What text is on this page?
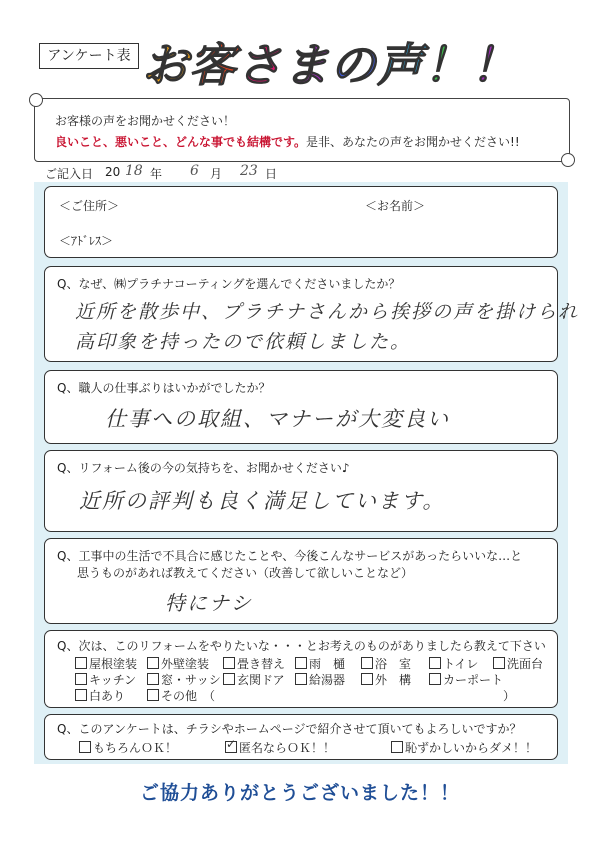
アンケート表 お客さまの声！！
お客様の声をお聞かせください！
良いこと、悪いこと、どんな事でも結構です。是非、あなたの声をお聞かせください!!
ご記入日 20 18 年 6 月 23 日
＜ご住所＞	＜お名前＞
＜ｱﾄﾞﾚｽ＞
Q、なぜ、㈱プラチナコーティングを選んでくださいましたか？
近所を散歩中、プラチナさんから挨拶の声を掛けられ
高印象を持ったので依頼しました。
Q、職人の仕事ぶりはいかがでしたか？
仕事への取組、マナーが大変良い
Q、リフォーム後の今の気持ちを、お聞かせください♪
近所の評判も良く満足しています。
Q、工事中の生活で不具合に感じたことや、今後こんなサービスがあったらいいな…と
思うものがあれば教えてください（改善して欲しいことなど）
特にナシ
Q、次は、このリフォームをやりたいな・・・とお考えのものがありましたら教えて下さい
屋根塗装	外壁塗装	畳き替え	雨　樋	浴　室	トイレ	洗面台
キッチン	窓・サッシ	玄関ドア	給湯器	外　構	カーポート
白あり	その他　（	）
Q、このアンケートは、チラシやホームページで紹介させて頂いてもよろしいですか？
もちろんＯＫ！
✓	匿名ならＯＫ！！	恥ずかしいからダメ！！
ご協力ありがとうございました！！
